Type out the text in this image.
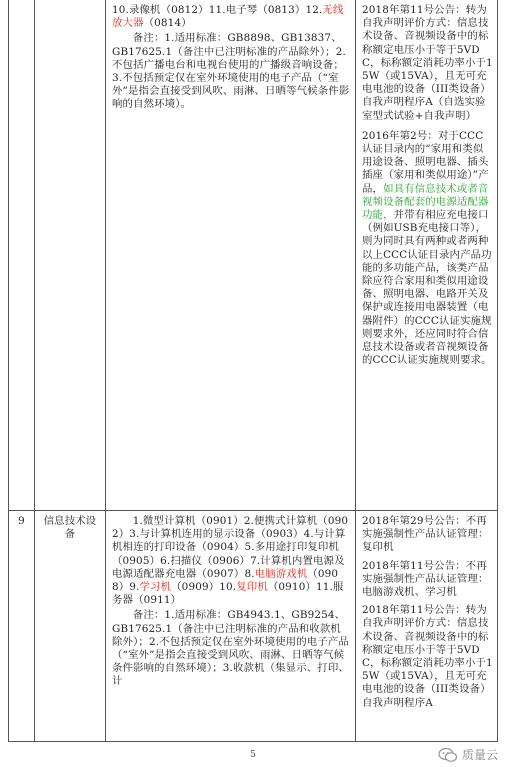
10.录像机（0812）11.电子琴（0813）12.无线放大器（0814）
备注：1.适用标准：GB8898、GB13837、GB17625.1（备注中已注明标准的产品除外）；2.不包括广播电台和电视台使用的广播级音响设备；3.不包括预定仅在室外环境使用的电子产品（“室外”是指会直接受到风吹、雨淋、日晒等气候条件影响的自然环境）。
2018年第11号公告：转为自我声明评价方式：信息技术设备、音视频设备中的标称额定电压小于等于5VDC，标称额定消耗功率小于15W（或15VA），且无可充电电池的设备（III类设备） 自我声明程序A（自选实验室型式试验+自我声明）
2016年第2号：对于CCC认证目录内的“家用和类似用途设备、照明电器、插头插座（家用和类似用途）”产品，如具有信息技术或者音视频设备配套的电源适配器功能，并带有相应充电接口（例如USB充电接口等），则为同时具有两种或者两种以上CCC认证目录内产品功能的多功能产品，该类产品除应符合家用和类似用途设备、照明电器、电路开关及保护或连接用电器装置（电器附件）的CCC认证实施规则要求外，还应同时符合信息技术设备或者音视频设备的CCC认证实施规则要求。
9	信息技术设备
1.微型计算机（0901）2.便携式计算机（0902）3.与计算机连用的显示设备（0903）4.与计算机相连的打印设备（0904）5.多用途打印复印机（0905）6.扫描仪（0906）7.计算机内置电源及电源适配器充电器（0907）8.电脑游戏机（0908）9.学习机（0909）10.复印机（0910）11.服务器（0911）
备注：1.适用标准：GB4943.1、GB9254、GB17625.1（备注中已注明标准的产品和收款机除外）；2.不包括预定仅在室外环境使用的电子产品（“室外”是指会直接受到风吹、雨淋、日晒等气候条件影响的自然环境）；3.收款机（集显示、打印、计
2018年第29号公告：不再实施强制性产品认证管理： 复印机
2018年第11号公告：不再实施强制性产品认证管理： 电脑游戏机、学习机
2018年第11号公告：转为自我声明评价方式：信息技术设备、音视频设备中的标称额定电压小于等于5VDC，标称额定消耗功率小于15W（或15VA），且无可充电电池的设备（III类设备） 自我声明程序A
5	质量云
